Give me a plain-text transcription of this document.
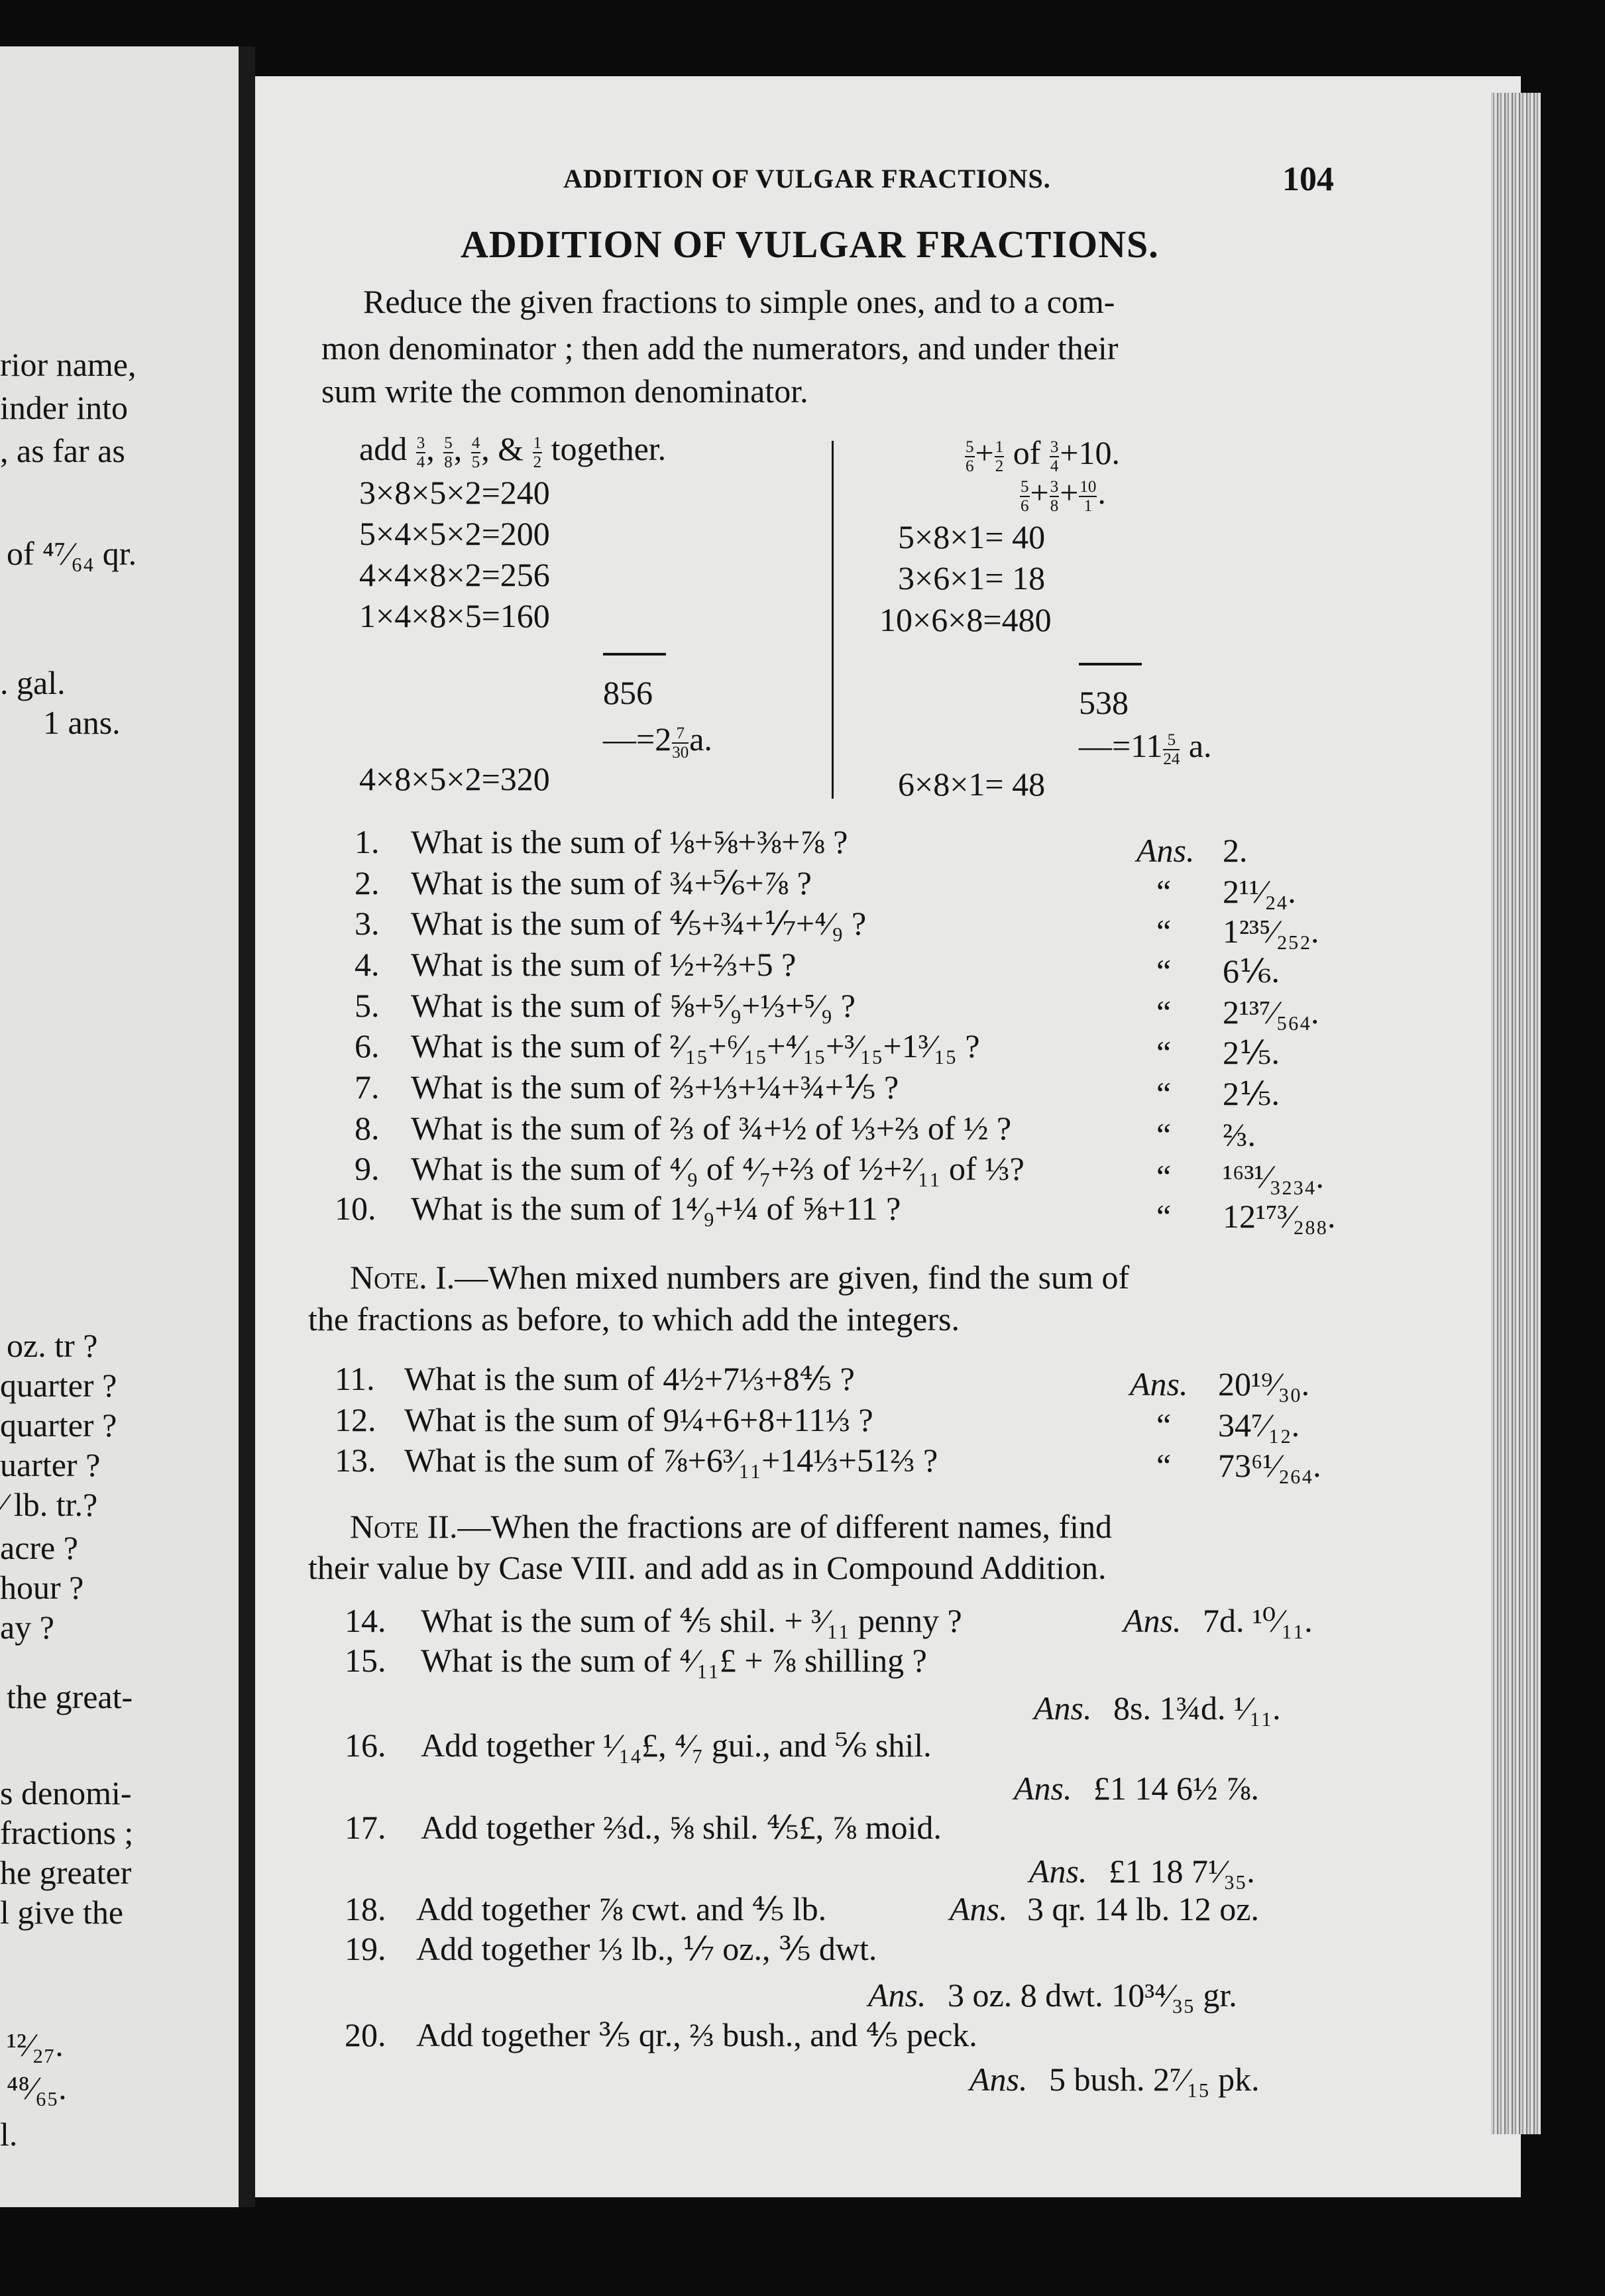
rior name,
inder into
, as far as
of ⁴⁷⁄₆₄ qr.
. gal.
1 ans.
oz. tr ?
quarter ?
quarter ?
uarter ?
⁄ lb. tr.?
acre ?
hour ?
ay ?
the great-
s denomi-
fractions ;
he greater
l give the
¹²⁄₂₇.
⁴⁸⁄₆₅.
l.
ADDITION OF VULGAR FRACTIONS.	104
ADDITION OF VULGAR FRACTIONS.
Reduce the given fractions to simple ones, and to a com-
mon denominator ; then add the numerators, and under their
sum write the common denominator.
add $\frac{3}{4}$ , $\frac{5}{8}$ , $\frac{4}{5}$ , & $\frac{1}{2}$ together.
3×8×5×2=240
5×4×5×2=200
4×4×8×2=256
1×4×8×5=160
856
—=2 $\frac{7}{30} a$.
4×8×5×2=320
$\frac{5}{6} + \frac{1}{2}$ of $\frac{3}{4} +10$.
$\frac{5}{6} + \frac{3}{8} + \frac{10}{1}$ .
5×8×1= 40
3×6×1= 18
10×6×8=480
538
—=11 $\frac{5}{24} a$.
6×8×1= 48
1. What is the sum of ⅛+⅝+⅜+⅞ ?	Ans. 2.
2. What is the sum of ¾+⅚+⅞ ?	“ 2¹¹⁄₂₄.
3. What is the sum of ⅘+¾+⅐+⁴⁄₉ ?	“ 1²³⁵⁄₂₅₂.
4. What is the sum of ½+⅔+5 ?	“ 6⅙.
5. What is the sum of ⅝+⁵⁄₉+⅓+⁵⁄₉ ?	“ 2¹³⁷⁄₅₆₄.
6. What is the sum of ²⁄₁₅+⁶⁄₁₅+⁴⁄₁₅+³⁄₁₅+1³⁄₁₅ ?	“ 2⅕.
7. What is the sum of ⅔+⅓+¼+¾+⅕ ?	“ 2⅕.
8. What is the sum of ⅔ of ¾+½ of ⅓+⅔ of ½ ?	“ ⅔.
9. What is the sum of ⁴⁄₉ of ⁴⁄₇+⅔ of ½+²⁄₁₁ of ⅓?	“ ¹⁶³¹⁄₃₂₃₄.
10. What is the sum of 1⁴⁄₉+¼ of ⅝+11 ?	“ 12¹⁷³⁄₂₈₈.
Note. I.—When mixed numbers are given, find the sum of
the fractions as before, to which add the integers.
11. What is the sum of 4½+7⅓+8⅘ ?	Ans. 20¹⁹⁄₃₀.
12. What is the sum of 9¼+6+8+11⅓ ?	“ 34⁷⁄₁₂.
13. What is the sum of ⅞+6³⁄₁₁+14⅓+51⅔ ?	“ 73⁶¹⁄₂₆₄.
Note II.—When the fractions are of different names, find
their value by Case VIII. and add as in Compound Addition.
14. What is the sum of ⅘ shil. + ³⁄₁₁ penny ?	Ans. 7d. ¹⁰⁄₁₁.
15. What is the sum of ⁴⁄₁₁£ + ⅞ shilling ?
Ans. 8s. 1¾d. ¹⁄₁₁.
16. Add together ¹⁄₁₄£, ⁴⁄₇ gui., and ⅚ shil.
Ans. £1 14 6½ ⅞.
17. Add together ⅔d., ⅝ shil. ⅘£, ⅞ moid.
Ans. £1 18 7¹⁄₃₅.
18. Add together ⅞ cwt. and ⅘ lb.	Ans. 3 qr. 14 lb. 12 oz.
19. Add together ⅓ lb., ⅐ oz., ⅗ dwt.
Ans. 3 oz. 8 dwt. 10³⁴⁄₃₅ gr.
20. Add together ⅗ qr., ⅔ bush., and ⅘ peck.
Ans. 5 bush. 2⁷⁄₁₅ pk.
